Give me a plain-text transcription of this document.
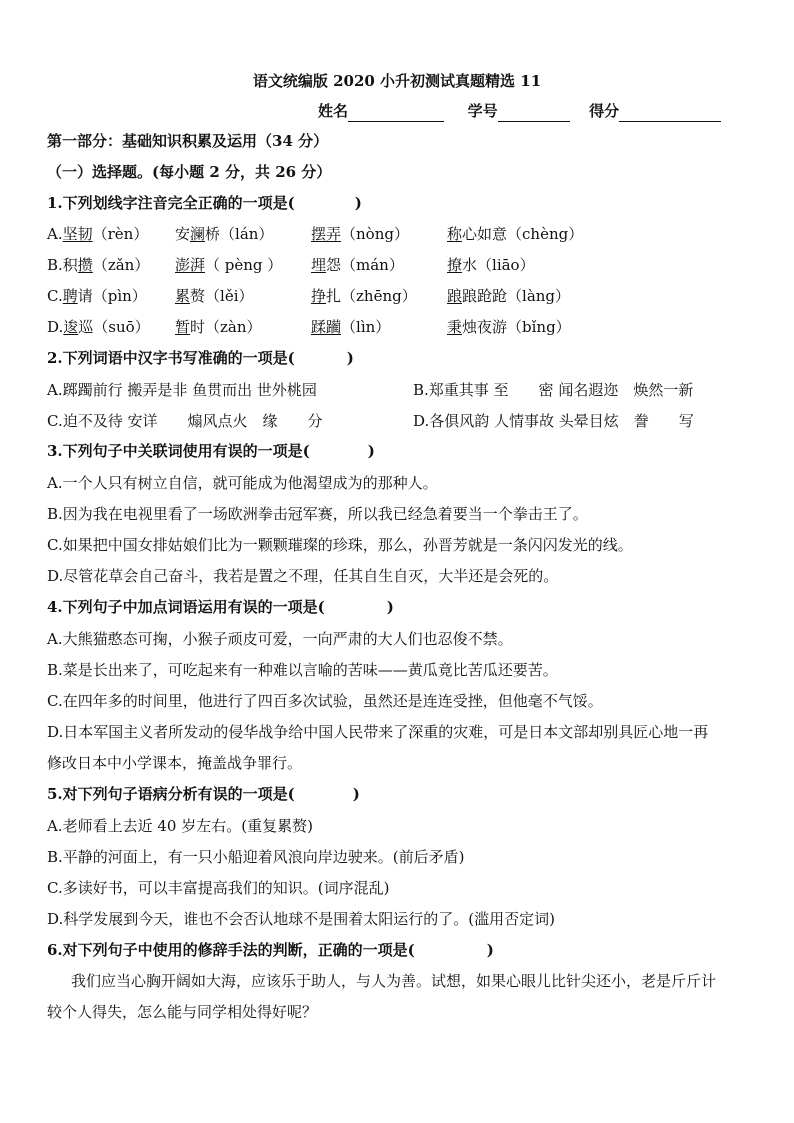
语文统编版 2020 小升初测试真题精选 11
姓名	学号	得分
第一部分：基础知识积累及运用（34 分）
（一）选择题。(每小题 2 分，共 26 分）
1.下列划线字注音完全正确的一项是(	)
A.坚韧（rèn） 安澜桥（lán）	摆弄（nòng）	称心如意（chèng）
B.积攒（zǎn） 澎湃（ pèng ） 埋怨（mán）	撩水（liāo）
C.聘请（pìn） 累赘（lěi）	挣扎（zhēng） 踉踉跄跄（làng）
D.逡巡（suō） 暂时（zàn）	蹂躏（lìn）	秉烛夜游（bǐng）
2.下列词语中汉字书写准确的一项是(	)
A.踯躅前行 搬弄是非 鱼贯而出 世外桃园	B.郑重其事 至　　密 闻名遐迩　焕然一新
C.迫不及待 安详　　煽风点火　缘　　分	D.各俱风韵 人情事故 头晕目炫　誊　　写
3.下列句子中关联词使用有误的一项是(	)
A.一个人只有树立自信，就可能成为他渴望成为的那种人。
B.因为我在电视里看了一场欧洲拳击冠军赛，所以我已经急着要当一个拳击王了。
C.如果把中国女排姑娘们比为一颗颗璀璨的珍珠，那么，孙晋芳就是一条闪闪发光的线。
D.尽管花草会自己奋斗，我若是置之不理，任其自生自灭，大半还是会死的。
4.下列句子中加点词语运用有误的一项是(	)
A.大熊猫憨态可掬，小猴子顽皮可爱，一向严肃的大人们也忍俊不禁。
B.菜是长出来了，可吃起来有一种难以言喻的苦味——黄瓜竟比苦瓜还要苦。
C.在四年多的时间里，他进行了四百多次试验，虽然还是连连受挫，但他毫不气馁。
D.日本军国主义者所发动的侵华战争给中国人民带来了深重的灾难，可是日本文部却别具匠心地一再
修改日本中小学课本，掩盖战争罪行。
5.对下列句子语病分析有误的一项是(	)
A.老师看上去近 40 岁左右。(重复累赘)
B.平静的河面上，有一只小船迎着风浪向岸边驶来。(前后矛盾)
C.多读好书，可以丰富提高我们的知识。(词序混乱)
D.科学发展到今天，谁也不会否认地球不是围着太阳运行的了。(滥用否定词)
6.对下列句子中使用的修辞手法的判断，正确的一项是(	)
我们应当心胸开阔如大海，应该乐于助人，与人为善。试想，如果心眼儿比针尖还小，老是斤斤计
较个人得失，怎么能与同学相处得好呢？
